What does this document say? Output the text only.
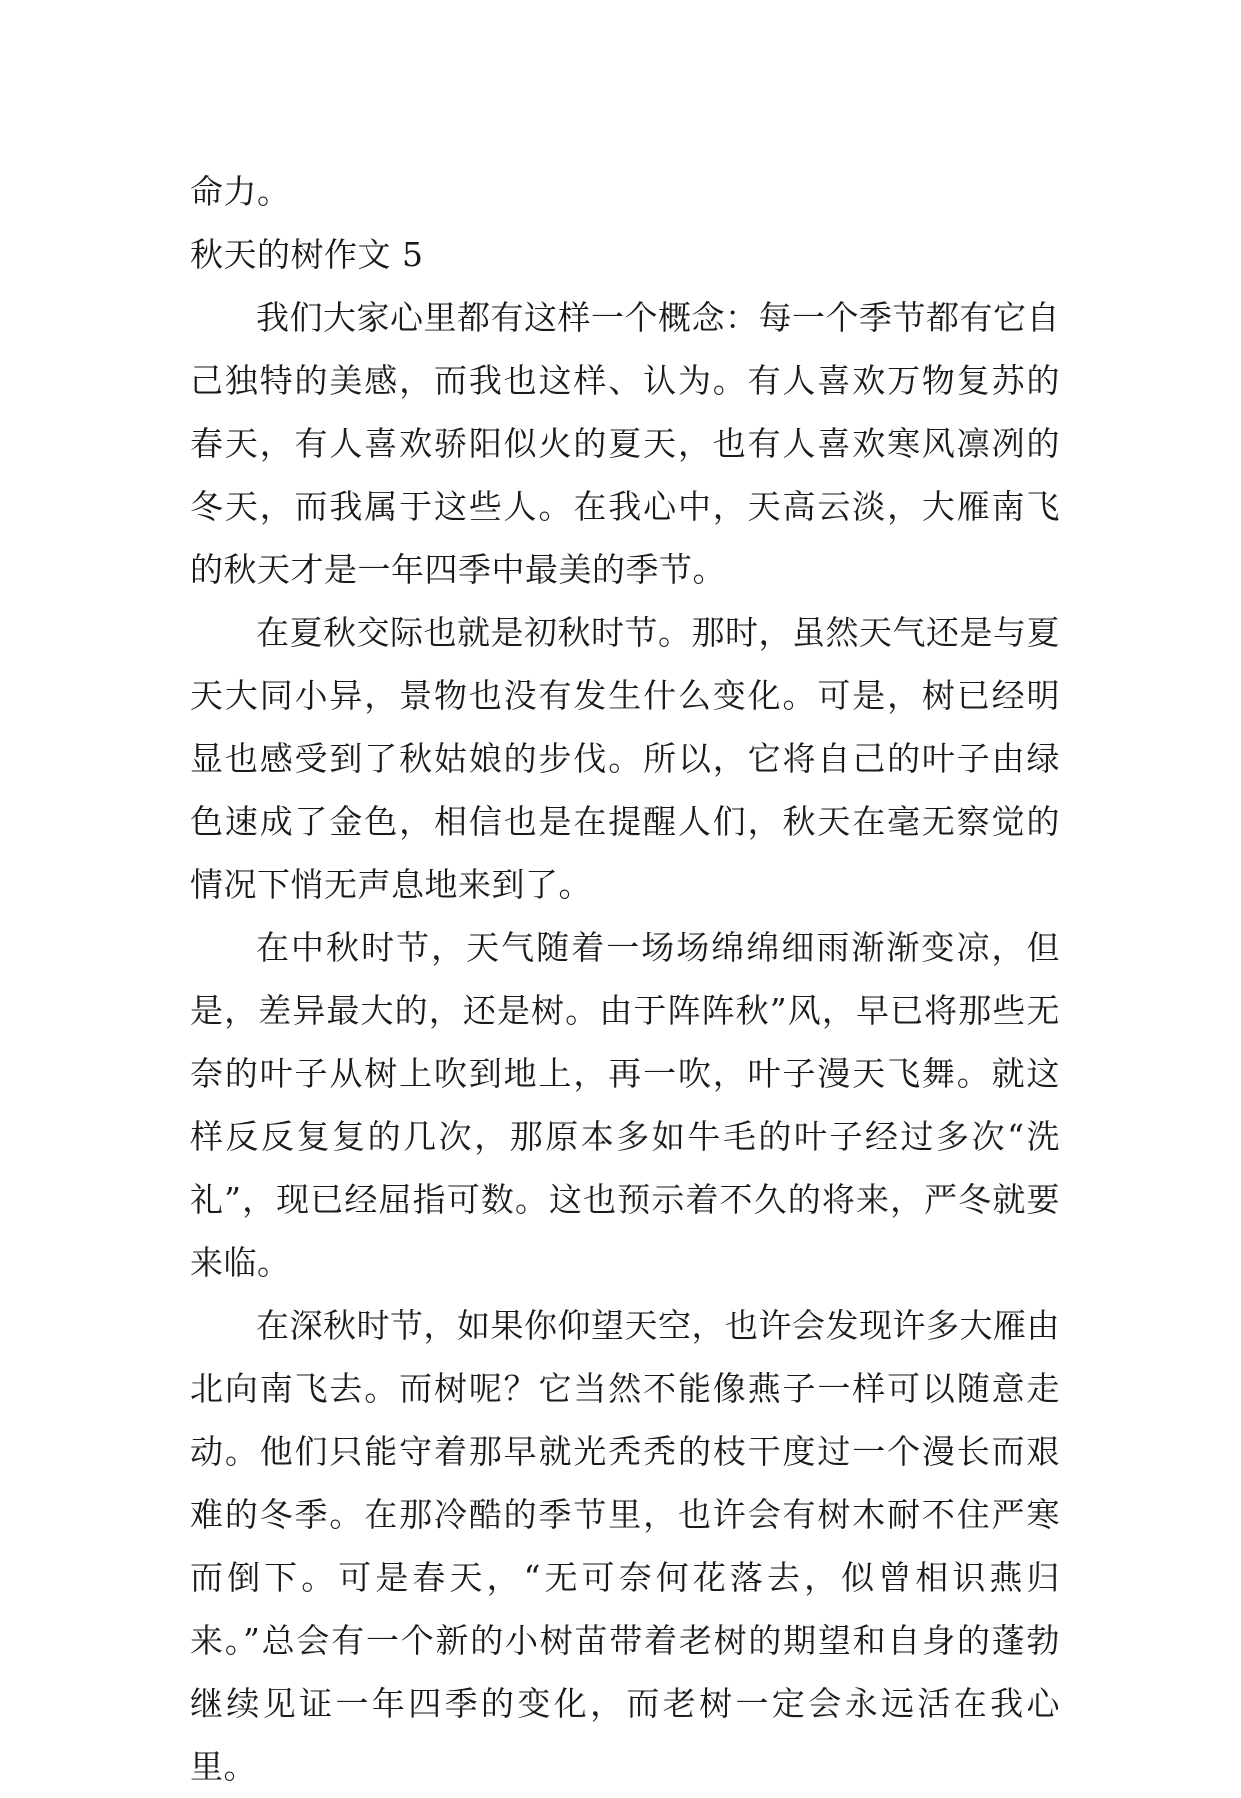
命力。

秋天的树作文 5

我们大家心里都有这样一个概念：每一个季节都有它自己独特的美感，而我也这样、认为。有人喜欢万物复苏的春天，有人喜欢骄阳似火的夏天，也有人喜欢寒风凛冽的冬天，而我属于这些人。在我心中，天高云淡，大雁南飞的秋天才是一年四季中最美的季节。

在夏秋交际也就是初秋时节。那时，虽然天气还是与夏天大同小异，景物也没有发生什么变化。可是，树已经明显也感受到了秋姑娘的步伐。所以，它将自己的叶子由绿色速成了金色，相信也是在提醒人们，秋天在毫无察觉的情况下悄无声息地来到了。

在中秋时节，天气随着一场场绵绵细雨渐渐变凉，但是，差异最大的，还是树。由于阵阵秋”风，早已将那些无奈的叶子从树上吹到地上，再一吹，叶子漫天飞舞。就这样反反复复的几次，那原本多如牛毛的叶子经过多次“洗礼”，现已经屈指可数。这也预示着不久的将来，严冬就要来临。

在深秋时节，如果你仰望天空，也许会发现许多大雁由北向南飞去。而树呢？它当然不能像燕子一样可以随意走动。他们只能守着那早就光秃秃的枝干度过一个漫长而艰难的冬季。在那冷酷的季节里，也许会有树木耐不住严寒而倒下。可是春天，“无可奈何花落去，似曾相识燕归来。”总会有一个新的小树苗带着老树的期望和自身的蓬勃继续见证一年四季的变化，而老树一定会永远活在我心里。
